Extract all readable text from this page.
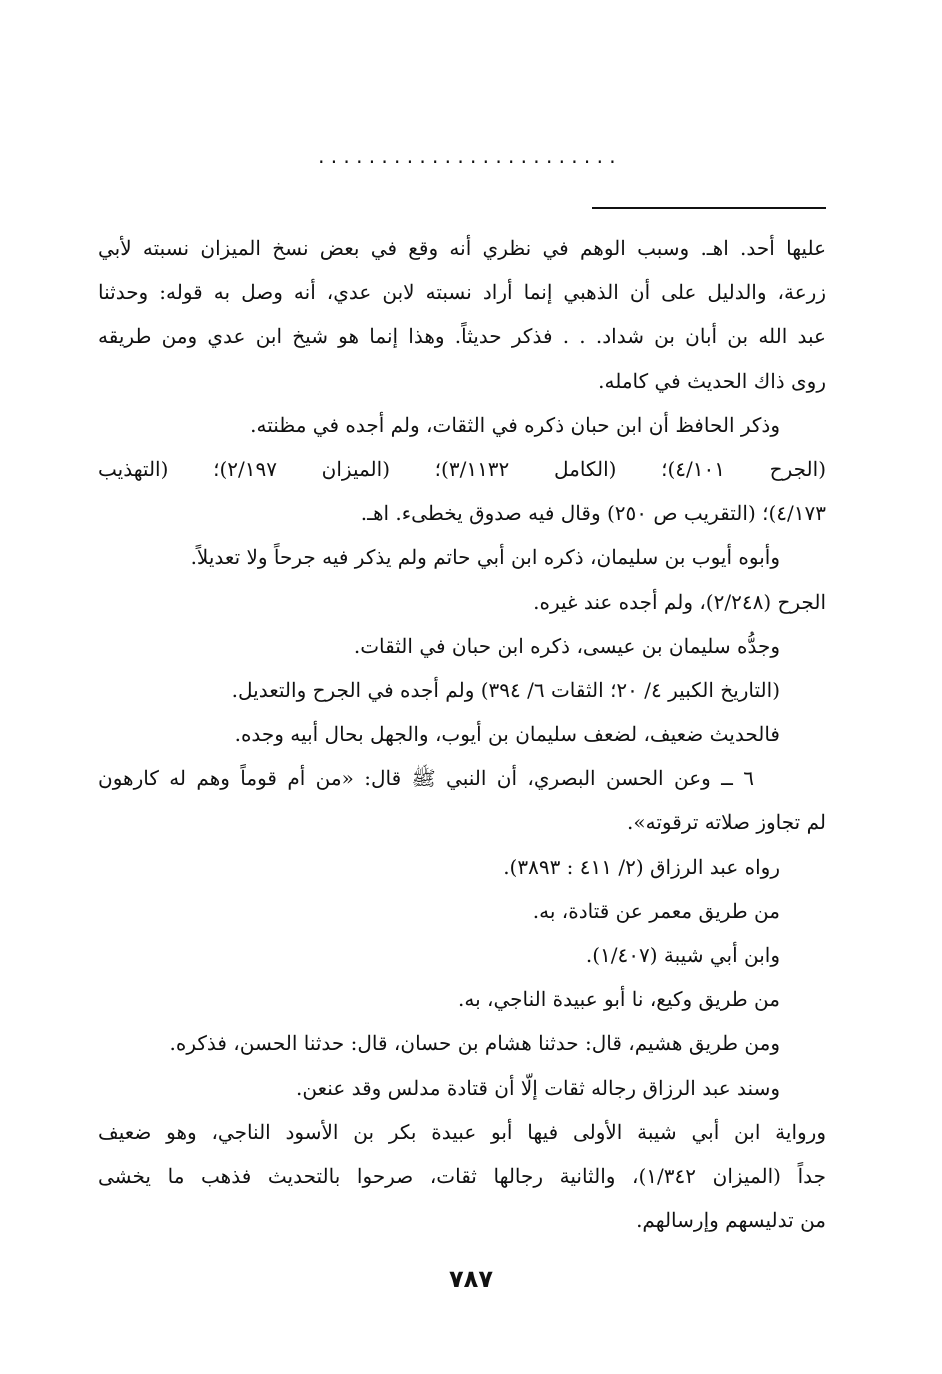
........................
عليها أحد. اهـ. وسبب الوهم في نظري أنه وقع في بعض نسخ الميزان نسبته لأبي
زرعة، والدليل على أن الذهبي إنما أراد نسبته لابن عدي، أنه وصل به قوله: وحدثنا
عبد الله بن أبان بن شداد. . . فذكر حديثاً. وهذا إنما هو شيخ ابن عدي ومن طريقه
روى ذاك الحديث في كامله.
وذكر الحافظ أن ابن حبان ذكره في الثقات، ولم أجده في مظنته.
(الجرح ٤/١٠١)؛ (الكامل ٣/١١٣٢)؛ (الميزان ٢/١٩٧)؛ (التهذيب
٤/١٧٣)؛ (التقريب ص ٢٥٠) وقال فيه صدوق يخطىء. اهـ.
وأبوه أيوب بن سليمان، ذكره ابن أبي حاتم ولم يذكر فيه جرحاً ولا تعديلاً.
الجرح (٢/٢٤٨)، ولم أجده عند غيره.
وجدُّه سليمان بن عيسى، ذكره ابن حبان في الثقات.
(التاريخ الكبير ٤/ ٢٠؛ الثقات ٦/ ٣٩٤) ولم أجده في الجرح والتعديل.
فالحديث ضعيف، لضعف سليمان بن أيوب، والجهل بحال أبيه وجده.
٦ ــ وعن الحسن البصري، أن النبي ﷺ قال: «من أم قوماً وهم له كارهون
لم تجاوز صلاته ترقوته».
رواه عبد الرزاق (٢/ ٤١١ : ٣٨٩٣).
من طريق معمر عن قتادة، به.
وابن أبي شيبة (١/٤٠٧).
من طريق وكيع، نا أبو عبيدة الناجي، به.
ومن طريق هشيم، قال: حدثنا هشام بن حسان، قال: حدثنا الحسن، فذكره.
وسند عبد الرزاق رجاله ثقات إلّا أن قتادة مدلس وقد عنعن.
ورواية ابن أبي شيبة الأولى فيها أبو عبيدة بكر بن الأسود الناجي، وهو ضعيف
جداً (الميزان ١/٣٤٢)، والثانية رجالها ثقات، صرحوا بالتحديث فذهب ما يخشى
من تدليسهم وإرسالهم.
٧٨٧
